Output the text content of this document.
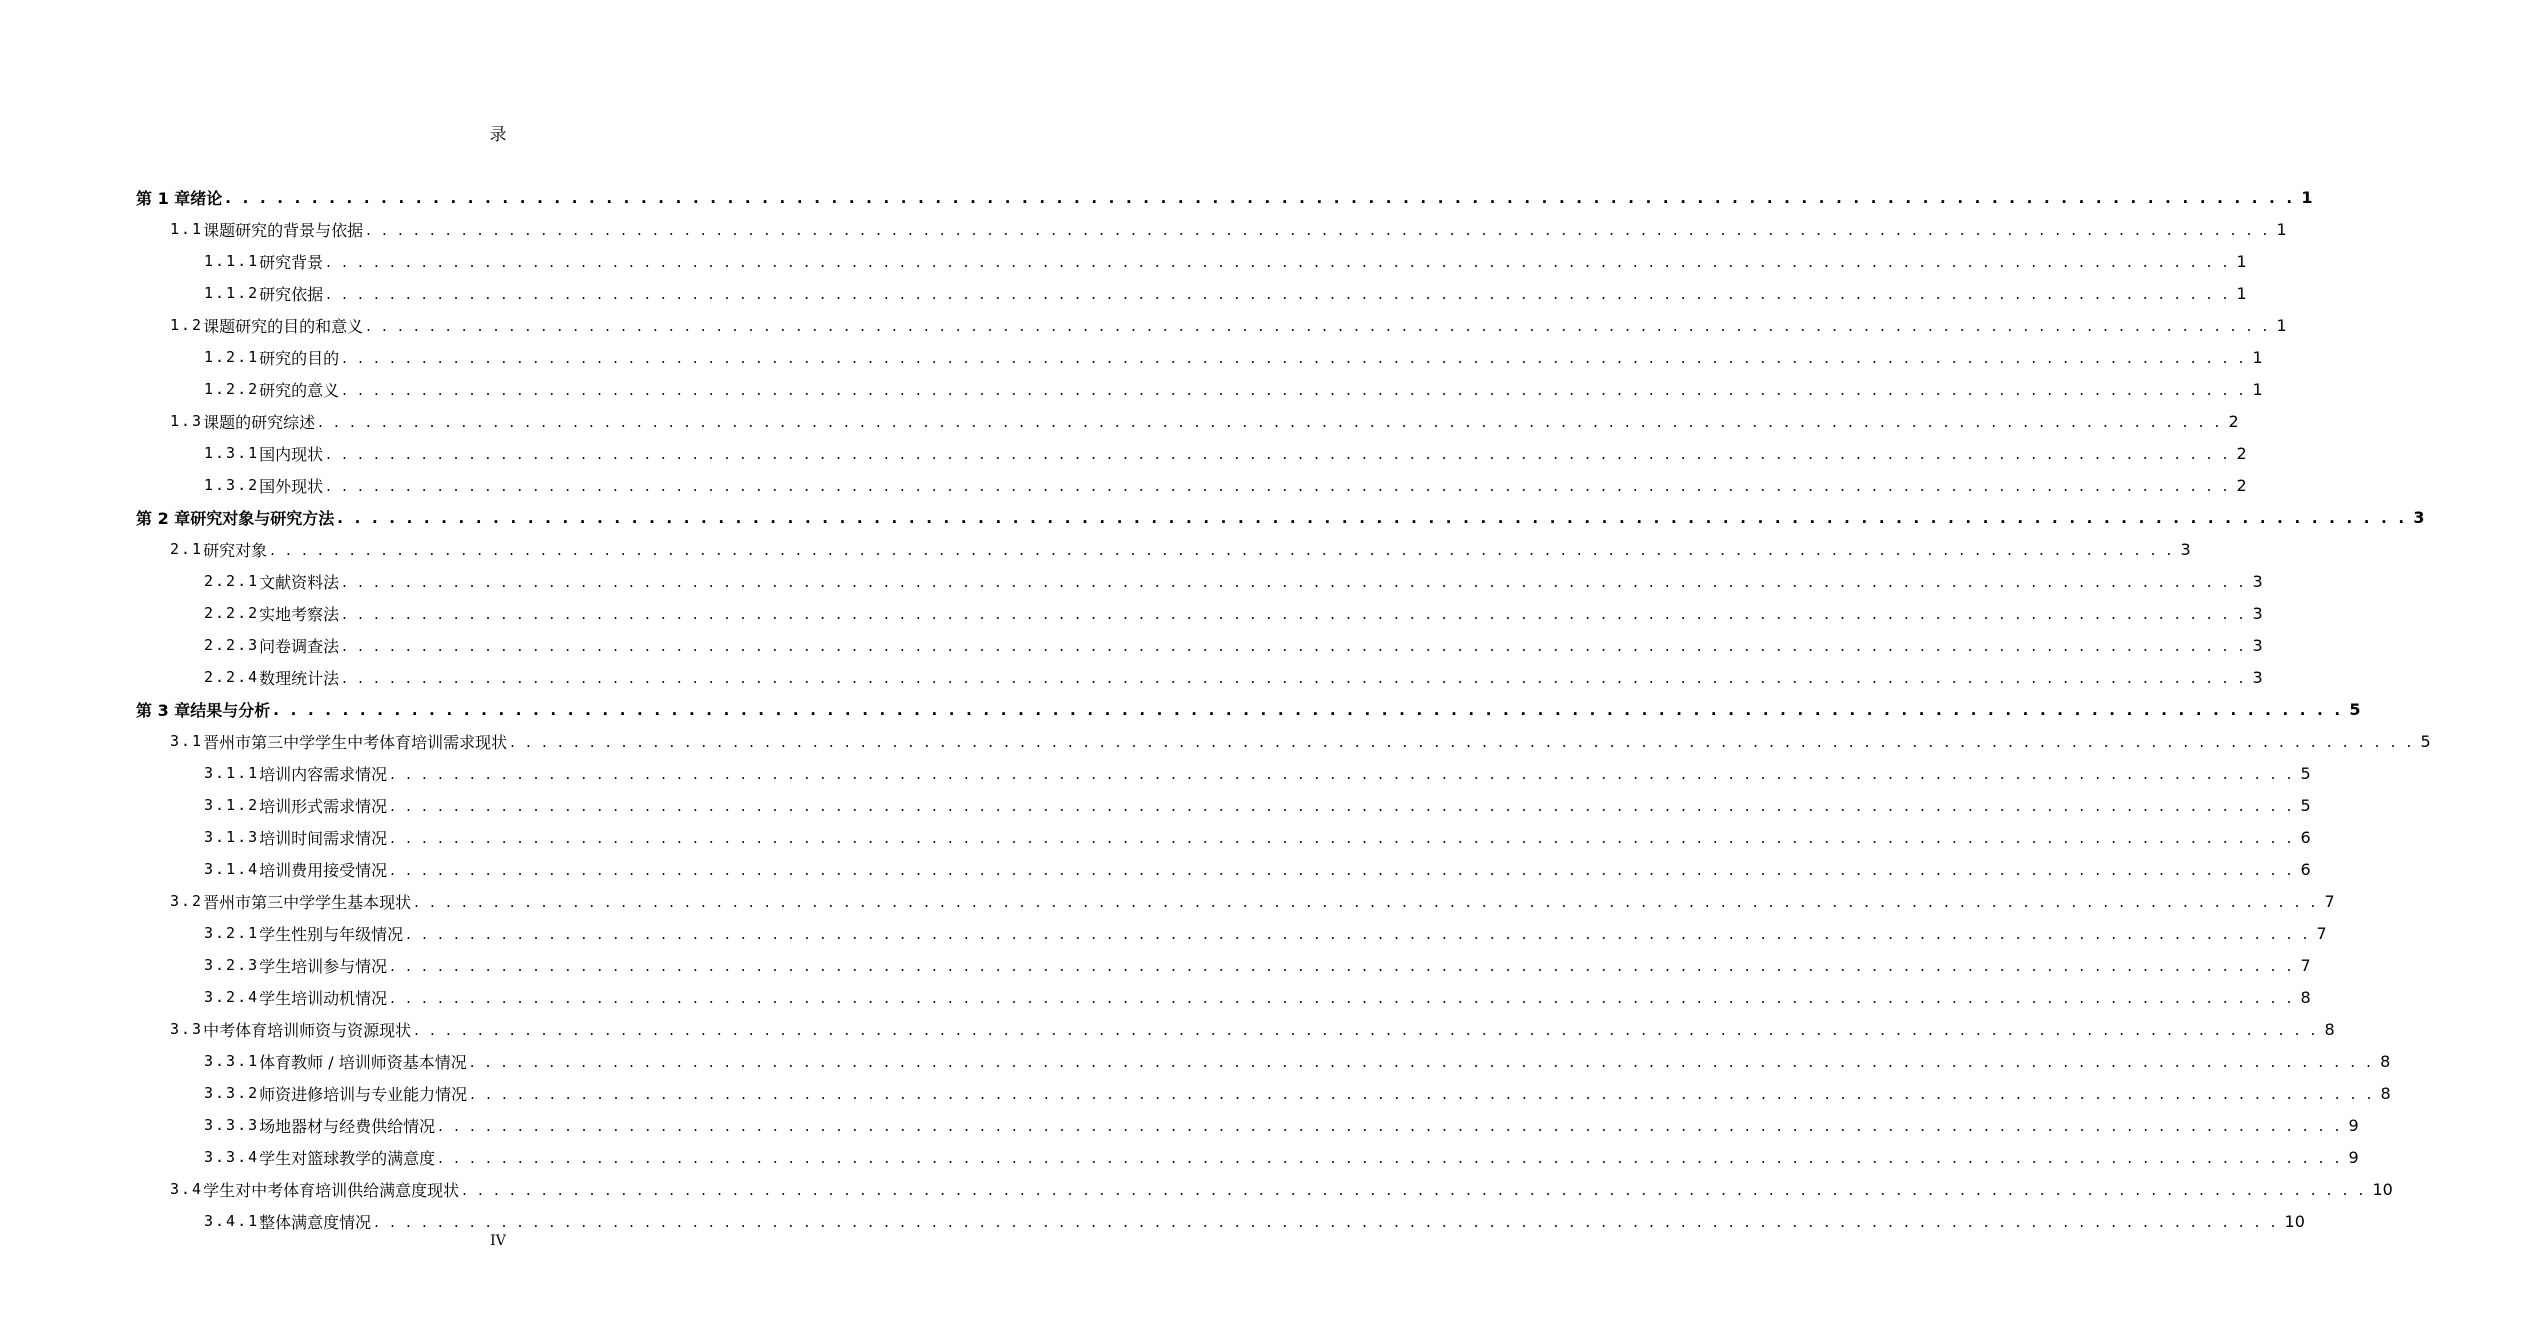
录
第 1 章 绪论 . . . . . . . . . . . . . . . . . . . . . . . . . . . . . . . . . . . . . . . . . . . . . . . . . . . . . . . . . . . . . . . . . . . . . . . . . . . . . . . . . . . . . . . . . . . . . . . . . . . . . . . . . . . . . . . . . . . . . . . . 1
1.1 课题研究的背景与依据 . . . . . . . . . . . . . . . . . . . . . . . . . . . . . . . . . . . . . . . . . . . . . . . . . . . . . . . . . . . . . . . . . . . . . . . . . . . . . . . . . . . . . . . . . . . . . . . . . . . . . . . . . . . . . . . . . . . . . . . . 1
1.1.1 研究背景 . . . . . . . . . . . . . . . . . . . . . . . . . . . . . . . . . . . . . . . . . . . . . . . . . . . . . . . . . . . . . . . . . . . . . . . . . . . . . . . . . . . . . . . . . . . . . . . . . . . . . . . . . . . . . . . . . . . . . . . . 1
1.1.2 研究依据 . . . . . . . . . . . . . . . . . . . . . . . . . . . . . . . . . . . . . . . . . . . . . . . . . . . . . . . . . . . . . . . . . . . . . . . . . . . . . . . . . . . . . . . . . . . . . . . . . . . . . . . . . . . . . . . . . . . . . . . . 1
1.2 课题研究的目的和意义 . . . . . . . . . . . . . . . . . . . . . . . . . . . . . . . . . . . . . . . . . . . . . . . . . . . . . . . . . . . . . . . . . . . . . . . . . . . . . . . . . . . . . . . . . . . . . . . . . . . . . . . . . . . . . . . . . . . . . . . . 1
1.2.1 研究的目的 . . . . . . . . . . . . . . . . . . . . . . . . . . . . . . . . . . . . . . . . . . . . . . . . . . . . . . . . . . . . . . . . . . . . . . . . . . . . . . . . . . . . . . . . . . . . . . . . . . . . . . . . . . . . . . . . . . . . . . . . 1
1.2.2 研究的意义 . . . . . . . . . . . . . . . . . . . . . . . . . . . . . . . . . . . . . . . . . . . . . . . . . . . . . . . . . . . . . . . . . . . . . . . . . . . . . . . . . . . . . . . . . . . . . . . . . . . . . . . . . . . . . . . . . . . . . . . . 1
1.3 课题的研究综述 . . . . . . . . . . . . . . . . . . . . . . . . . . . . . . . . . . . . . . . . . . . . . . . . . . . . . . . . . . . . . . . . . . . . . . . . . . . . . . . . . . . . . . . . . . . . . . . . . . . . . . . . . . . . . . . . . . . . . . . . 2
1.3.1 国内现状 . . . . . . . . . . . . . . . . . . . . . . . . . . . . . . . . . . . . . . . . . . . . . . . . . . . . . . . . . . . . . . . . . . . . . . . . . . . . . . . . . . . . . . . . . . . . . . . . . . . . . . . . . . . . . . . . . . . . . . . . 2
1.3.2 国外现状 . . . . . . . . . . . . . . . . . . . . . . . . . . . . . . . . . . . . . . . . . . . . . . . . . . . . . . . . . . . . . . . . . . . . . . . . . . . . . . . . . . . . . . . . . . . . . . . . . . . . . . . . . . . . . . . . . . . . . . . . 2
第 2 章 研究对象与研究方法 . . . . . . . . . . . . . . . . . . . . . . . . . . . . . . . . . . . . . . . . . . . . . . . . . . . . . . . . . . . . . . . . . . . . . . . . . . . . . . . . . . . . . . . . . . . . . . . . . . . . . . . . . . . . . . . . . . . . . . . . 3
2.1 研究对象 . . . . . . . . . . . . . . . . . . . . . . . . . . . . . . . . . . . . . . . . . . . . . . . . . . . . . . . . . . . . . . . . . . . . . . . . . . . . . . . . . . . . . . . . . . . . . . . . . . . . . . . . . . . . . . . . . . . . . . . . 3
2.2.1 文献资料法 . . . . . . . . . . . . . . . . . . . . . . . . . . . . . . . . . . . . . . . . . . . . . . . . . . . . . . . . . . . . . . . . . . . . . . . . . . . . . . . . . . . . . . . . . . . . . . . . . . . . . . . . . . . . . . . . . . . . . . . . 3
2.2.2 实地考察法 . . . . . . . . . . . . . . . . . . . . . . . . . . . . . . . . . . . . . . . . . . . . . . . . . . . . . . . . . . . . . . . . . . . . . . . . . . . . . . . . . . . . . . . . . . . . . . . . . . . . . . . . . . . . . . . . . . . . . . . . 3
2.2.3 问卷调查法 . . . . . . . . . . . . . . . . . . . . . . . . . . . . . . . . . . . . . . . . . . . . . . . . . . . . . . . . . . . . . . . . . . . . . . . . . . . . . . . . . . . . . . . . . . . . . . . . . . . . . . . . . . . . . . . . . . . . . . . . 3
2.2.4 数理统计法 . . . . . . . . . . . . . . . . . . . . . . . . . . . . . . . . . . . . . . . . . . . . . . . . . . . . . . . . . . . . . . . . . . . . . . . . . . . . . . . . . . . . . . . . . . . . . . . . . . . . . . . . . . . . . . . . . . . . . . . . 3
第 3 章 结果与分析 . . . . . . . . . . . . . . . . . . . . . . . . . . . . . . . . . . . . . . . . . . . . . . . . . . . . . . . . . . . . . . . . . . . . . . . . . . . . . . . . . . . . . . . . . . . . . . . . . . . . . . . . . . . . . . . . . . . . . . . . 5
3.1 晋州市第三中学学生中考体育培训需求现状 . . . . . . . . . . . . . . . . . . . . . . . . . . . . . . . . . . . . . . . . . . . . . . . . . . . . . . . . . . . . . . . . . . . . . . . . . . . . . . . . . . . . . . . . . . . . . . . . . . . . . . . . . . . . . . . . . . . . . . . . 5
3.1.1 培训内容需求情况 . . . . . . . . . . . . . . . . . . . . . . . . . . . . . . . . . . . . . . . . . . . . . . . . . . . . . . . . . . . . . . . . . . . . . . . . . . . . . . . . . . . . . . . . . . . . . . . . . . . . . . . . . . . . . . . . . . . . . . . . 5
3.1.2 培训形式需求情况 . . . . . . . . . . . . . . . . . . . . . . . . . . . . . . . . . . . . . . . . . . . . . . . . . . . . . . . . . . . . . . . . . . . . . . . . . . . . . . . . . . . . . . . . . . . . . . . . . . . . . . . . . . . . . . . . . . . . . . . . 5
3.1.3 培训时间需求情况 . . . . . . . . . . . . . . . . . . . . . . . . . . . . . . . . . . . . . . . . . . . . . . . . . . . . . . . . . . . . . . . . . . . . . . . . . . . . . . . . . . . . . . . . . . . . . . . . . . . . . . . . . . . . . . . . . . . . . . . . 6
3.1.4 培训费用接受情况 . . . . . . . . . . . . . . . . . . . . . . . . . . . . . . . . . . . . . . . . . . . . . . . . . . . . . . . . . . . . . . . . . . . . . . . . . . . . . . . . . . . . . . . . . . . . . . . . . . . . . . . . . . . . . . . . . . . . . . . . 6
3.2 晋州市第三中学学生基本现状 . . . . . . . . . . . . . . . . . . . . . . . . . . . . . . . . . . . . . . . . . . . . . . . . . . . . . . . . . . . . . . . . . . . . . . . . . . . . . . . . . . . . . . . . . . . . . . . . . . . . . . . . . . . . . . . . . . . . . . . . 7
3.2.1 学生性别与年级情况 . . . . . . . . . . . . . . . . . . . . . . . . . . . . . . . . . . . . . . . . . . . . . . . . . . . . . . . . . . . . . . . . . . . . . . . . . . . . . . . . . . . . . . . . . . . . . . . . . . . . . . . . . . . . . . . . . . . . . . . . 7
3.2.3 学生培训参与情况 . . . . . . . . . . . . . . . . . . . . . . . . . . . . . . . . . . . . . . . . . . . . . . . . . . . . . . . . . . . . . . . . . . . . . . . . . . . . . . . . . . . . . . . . . . . . . . . . . . . . . . . . . . . . . . . . . . . . . . . . 7
3.2.4 学生培训动机情况 . . . . . . . . . . . . . . . . . . . . . . . . . . . . . . . . . . . . . . . . . . . . . . . . . . . . . . . . . . . . . . . . . . . . . . . . . . . . . . . . . . . . . . . . . . . . . . . . . . . . . . . . . . . . . . . . . . . . . . . . 8
3.3 中考体育培训师资与资源现状 . . . . . . . . . . . . . . . . . . . . . . . . . . . . . . . . . . . . . . . . . . . . . . . . . . . . . . . . . . . . . . . . . . . . . . . . . . . . . . . . . . . . . . . . . . . . . . . . . . . . . . . . . . . . . . . . . . . . . . . . 8
3.3.1 体育教师 / 培训师资基本情况 . . . . . . . . . . . . . . . . . . . . . . . . . . . . . . . . . . . . . . . . . . . . . . . . . . . . . . . . . . . . . . . . . . . . . . . . . . . . . . . . . . . . . . . . . . . . . . . . . . . . . . . . . . . . . . . . . . . . . . . . 8
3.3.2 师资进修培训与专业能力情况 . . . . . . . . . . . . . . . . . . . . . . . . . . . . . . . . . . . . . . . . . . . . . . . . . . . . . . . . . . . . . . . . . . . . . . . . . . . . . . . . . . . . . . . . . . . . . . . . . . . . . . . . . . . . . . . . . . . . . . . . 8
3.3.3 场地器材与经费供给情况 . . . . . . . . . . . . . . . . . . . . . . . . . . . . . . . . . . . . . . . . . . . . . . . . . . . . . . . . . . . . . . . . . . . . . . . . . . . . . . . . . . . . . . . . . . . . . . . . . . . . . . . . . . . . . . . . . . . . . . . . 9
3.3.4 学生对篮球教学的满意度 . . . . . . . . . . . . . . . . . . . . . . . . . . . . . . . . . . . . . . . . . . . . . . . . . . . . . . . . . . . . . . . . . . . . . . . . . . . . . . . . . . . . . . . . . . . . . . . . . . . . . . . . . . . . . . . . . . . . . . . . 9
3.4 学生对中考体育培训供给满意度现状 . . . . . . . . . . . . . . . . . . . . . . . . . . . . . . . . . . . . . . . . . . . . . . . . . . . . . . . . . . . . . . . . . . . . . . . . . . . . . . . . . . . . . . . . . . . . . . . . . . . . . . . . . . . . . . . . . . . . . . . . 10
3.4.1 整体满意度情况 . . . . . . . . . . . . . . . . . . . . . . . . . . . . . . . . . . . . . . . . . . . . . . . . . . . . . . . . . . . . . . . . . . . . . . . . . . . . . . . . . . . . . . . . . . . . . . . . . . . . . . . . . . . . . . . . . . . . . . . . 10
IV
